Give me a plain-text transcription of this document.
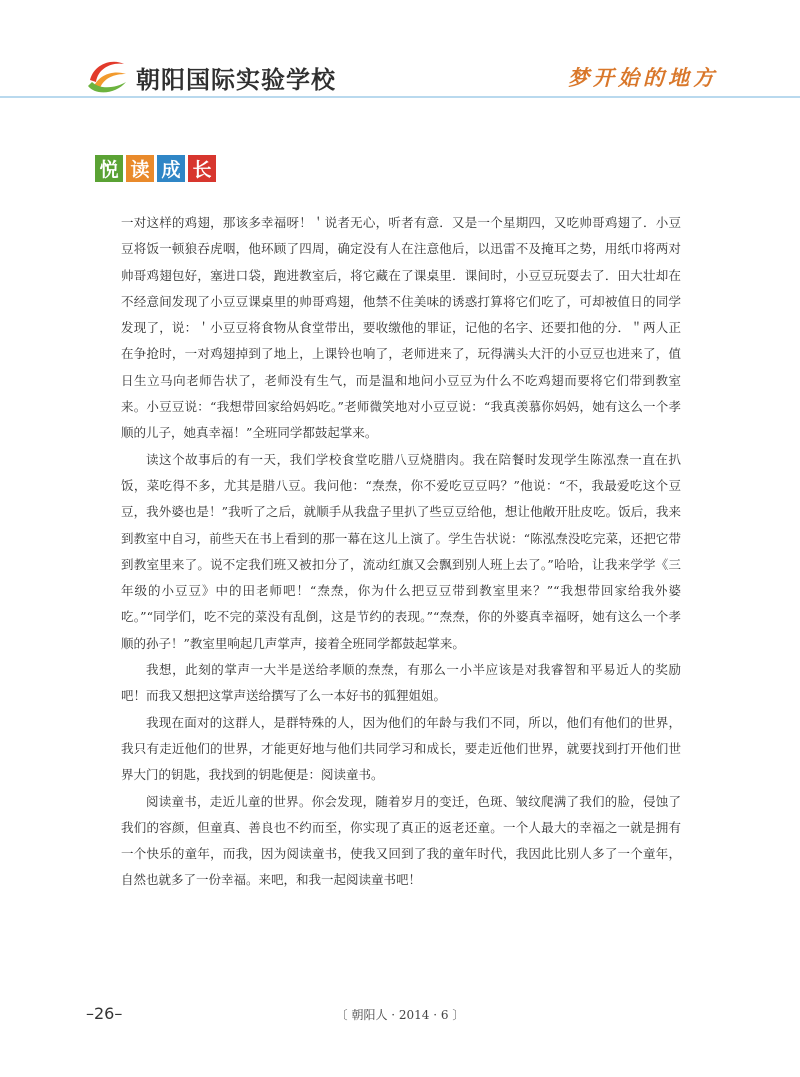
朝阳国际实验学校	梦开始的地方
悦 读 成 长

一对这样的鸡翅，那该多幸福呀！＇说者无心，听者有意．又是一个星期四，又吃帅哥鸡翅了．小豆豆将饭一顿狼吞虎咽，他环顾了四周，确定没有人在注意他后，以迅雷不及掩耳之势，用纸巾将两对帅哥鸡翅包好，塞进口袋，跑进教室后，将它藏在了课桌里．课间时，小豆豆玩耍去了．田大壮却在不经意间发现了小豆豆课桌里的帅哥鸡翅，他禁不住美味的诱惑打算将它们吃了，可却被值日的同学发现了，说：＇小豆豆将食物从食堂带出，要收缴他的罪证，记他的名字、还要扣他的分．＂两人正在争抢时，一对鸡翅掉到了地上，上课铃也响了，老师进来了，玩得满头大汗的小豆豆也进来了，值日生立马向老师告状了，老师没有生气，而是温和地问小豆豆为什么不吃鸡翅而要将它们带到教室来。小豆豆说：“我想带回家给妈妈吃。”老师微笑地对小豆豆说：“我真羡慕你妈妈，她有这么一个孝顺的儿子，她真幸福！”全班同学都鼓起掌来。

读这个故事后的有一天，我们学校食堂吃腊八豆烧腊肉。我在陪餐时发现学生陈泓焘一直在扒饭，菜吃得不多，尤其是腊八豆。我问他：“焘焘，你不爱吃豆豆吗？”他说：“不，我最爱吃这个豆豆，我外婆也是！”我听了之后，就顺手从我盘子里扒了些豆豆给他，想让他敞开肚皮吃。饭后，我来到教室中自习，前些天在书上看到的那一幕在这儿上演了。学生告状说：“陈泓焘没吃完菜，还把它带到教室里来了。说不定我们班又被扣分了，流动红旗又会飘到别人班上去了。”哈哈，让我来学学《三年级的小豆豆》中的田老师吧！“焘焘，你为什么把豆豆带到教室里来？”“我想带回家给我外婆吃。”“同学们，吃不完的菜没有乱倒，这是节约的表现。”“焘焘，你的外婆真幸福呀，她有这么一个孝顺的孙子！”教室里响起几声掌声，接着全班同学都鼓起掌来。

我想，此刻的掌声一大半是送给孝顺的焘焘，有那么一小半应该是对我睿智和平易近人的奖励吧！而我又想把这掌声送给撰写了么一本好书的狐狸姐姐。

我现在面对的这群人，是群特殊的人，因为他们的年龄与我们不同，所以，他们有他们的世界，我只有走近他们的世界，才能更好地与他们共同学习和成长，要走近他们世界，就要找到打开他们世界大门的钥匙，我找到的钥匙便是：阅读童书。

阅读童书，走近儿童的世界。你会发现，随着岁月的变迁，色斑、皱纹爬满了我们的脸，侵蚀了我们的容颜，但童真、善良也不约而至，你实现了真正的返老还童。一个人最大的幸福之一就是拥有一个快乐的童年，而我，因为阅读童书，使我又回到了我的童年时代，我因此比别人多了一个童年，自然也就多了一份幸福。来吧，和我一起阅读童书吧！

–26–	〔 朝阳人 · 2014 · 6 〕
